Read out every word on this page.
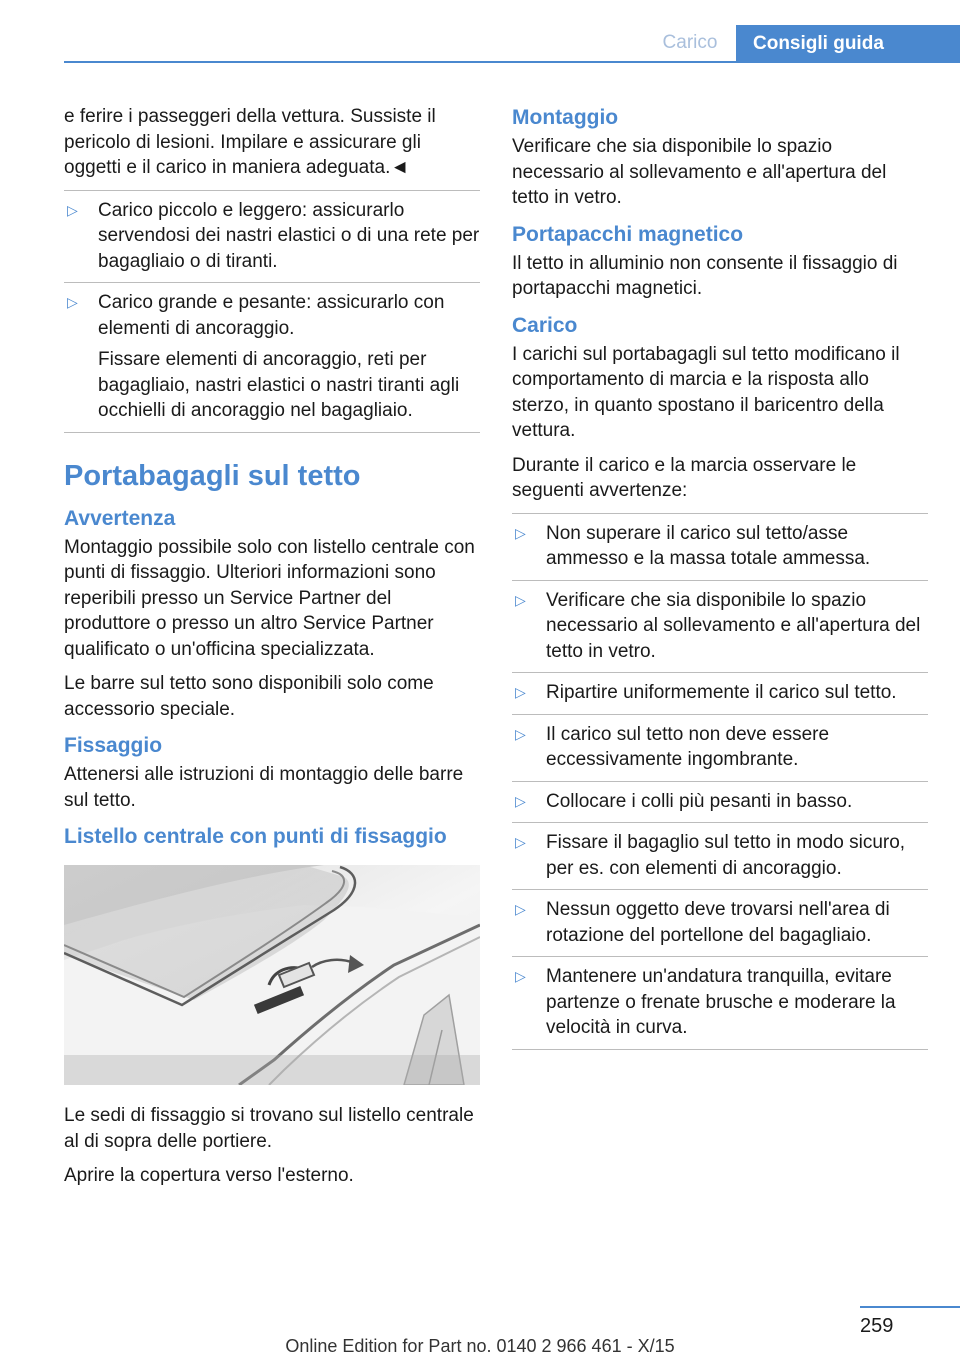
Carico	Consigli guida

e ferire i passeggeri della vettura. Sussiste il pericolo di lesioni. Impilare e assicurare gli oggetti e il carico in maniera adeguata.◄

▷ Carico piccolo e leggero: assicurarlo servendosi dei nastri elastici o di una rete per bagagliaio o di tiranti.
▷ Carico grande e pesante: assicurarlo con elementi di ancoraggio.

Fissare elementi di ancoraggio, reti per bagagliaio, nastri elastici o nastri tiranti agli occhielli di ancoraggio nel bagagliaio.

Portabagagli sul tetto
Avvertenza

Montaggio possibile solo con listello centrale con punti di fissaggio. Ulteriori informazioni sono reperibili presso un Service Partner del produttore o presso un altro Service Partner qualificato o un'officina specializzata.

Le barre sul tetto sono disponibili solo come accessorio speciale.

Fissaggio

Attenersi alle istruzioni di montaggio delle barre sul tetto.

Listello centrale con punti di fissaggio

Le sedi di fissaggio si trovano sul listello centrale al di sopra delle portiere.

Aprire la copertura verso l'esterno.

Montaggio

Verificare che sia disponibile lo spazio necessario al sollevamento e all'apertura del tetto in vetro.

Portapacchi magnetico

Il tetto in alluminio non consente il fissaggio di portapacchi magnetici.

Carico

I carichi sul portabagagli sul tetto modificano il comportamento di marcia e la risposta allo sterzo, in quanto spostano il baricentro della vettura.

Durante il carico e la marcia osservare le seguenti avvertenze:

▷ Non superare il carico sul tetto/asse ammesso e la massa totale ammessa.
▷ Verificare che sia disponibile lo spazio necessario al sollevamento e all'apertura del tetto in vetro.
▷ Ripartire uniformemente il carico sul tetto.
▷ Il carico sul tetto non deve essere eccessivamente ingombrante.
▷ Collocare i colli più pesanti in basso.
▷ Fissare il bagaglio sul tetto in modo sicuro, per es. con elementi di ancoraggio.
▷ Nessun oggetto deve trovarsi nell'area di rotazione del portellone del bagagliaio.
▷ Mantenere un'andatura tranquilla, evitare partenze o frenate brusche e moderare la velocità in curva.
259
Online Edition for Part no. 0140 2 966 461 - X/15
